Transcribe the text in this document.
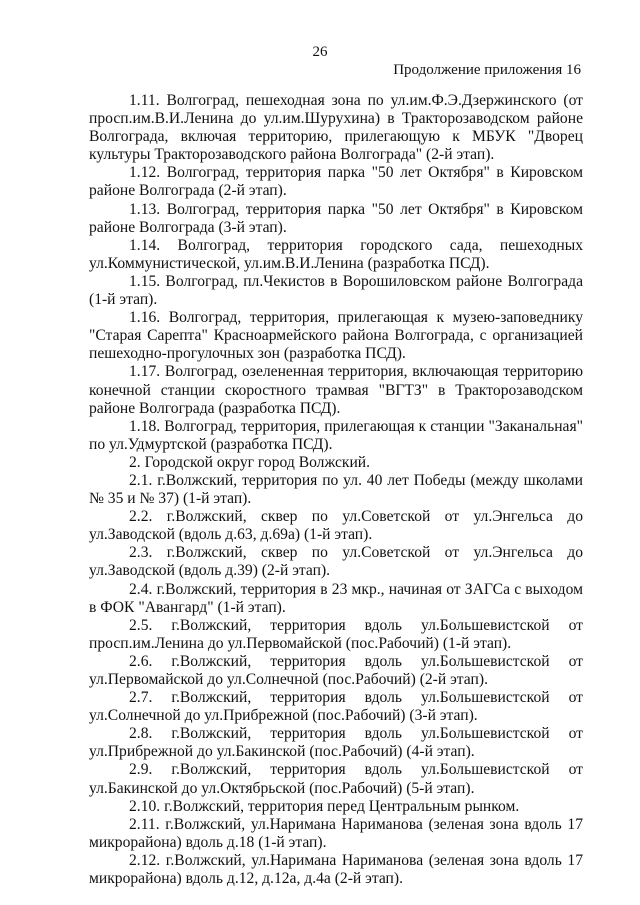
26
Продолжение приложения 16

1.11. Волгоград, пешеходная зона по ул.им.Ф.Э.Дзержинского (от просп.им.В.И.Ленина до ул.им.Шурухина) в Тракторозаводском районе Волгограда, включая территорию, прилегающую к МБУК "Дворец культуры Тракторозаводского района Волгограда" (2-й этап).

1.12. Волгоград, территория парка "50 лет Октября" в Кировском районе Волгограда (2-й этап).

1.13. Волгоград, территория парка "50 лет Октября" в Кировском районе Волгограда (3-й этап).

1.14. Волгоград, территория городского сада, пешеходных ул.Коммунистической, ул.им.В.И.Ленина (разработка ПСД).

1.15. Волгоград, пл.Чекистов в Ворошиловском районе Волгограда (1-й этап).

1.16. Волгоград, территория, прилегающая к музею-заповеднику "Старая Сарепта" Красноармейского района Волгограда, с организацией пешеходно-прогулочных зон (разработка ПСД).

1.17. Волгоград, озелененная территория, включающая территорию конечной станции скоростного трамвая "ВГТЗ" в Тракторозаводском районе Волгограда (разработка ПСД).

1.18. Волгоград, территория, прилегающая к станции "Заканальная" по ул.Удмуртской (разработка ПСД).

2. Городской округ город Волжский.

2.1. г.Волжский, территория по ул. 40 лет Победы (между школами № 35 и № 37) (1-й этап).

2.2. г.Волжский, сквер по ул.Советской от ул.Энгельса до ул.Заводской (вдоль д.63, д.69а) (1-й этап).

2.3. г.Волжский, сквер по ул.Советской от ул.Энгельса до ул.Заводской (вдоль д.39) (2-й этап).

2.4. г.Волжский, территория в 23 мкр., начиная от ЗАГСа с выходом в ФОК "Авангард" (1-й этап).

2.5. г.Волжский, территория вдоль ул.Большевистской от просп.им.Ленина до ул.Первомайской (пос.Рабочий) (1-й этап).

2.6. г.Волжский, территория вдоль ул.Большевистской от ул.Первомайской до ул.Солнечной (пос.Рабочий) (2-й этап).

2.7. г.Волжский, территория вдоль ул.Большевистской от ул.Солнечной до ул.Прибрежной (пос.Рабочий) (3-й этап).

2.8. г.Волжский, территория вдоль ул.Большевистской от ул.Прибрежной до ул.Бакинской (пос.Рабочий) (4-й этап).

2.9. г.Волжский, территория вдоль ул.Большевистской от ул.Бакинской до ул.Октябрьской (пос.Рабочий) (5-й этап).

2.10. г.Волжский, территория перед Центральным рынком.

2.11. г.Волжский, ул.Наримана Нариманова (зеленая зона вдоль 17 микрорайона) вдоль д.18 (1-й этап).

2.12. г.Волжский, ул.Наримана Нариманова (зеленая зона вдоль 17 микрорайона) вдоль д.12, д.12а, д.4а (2-й этап).
